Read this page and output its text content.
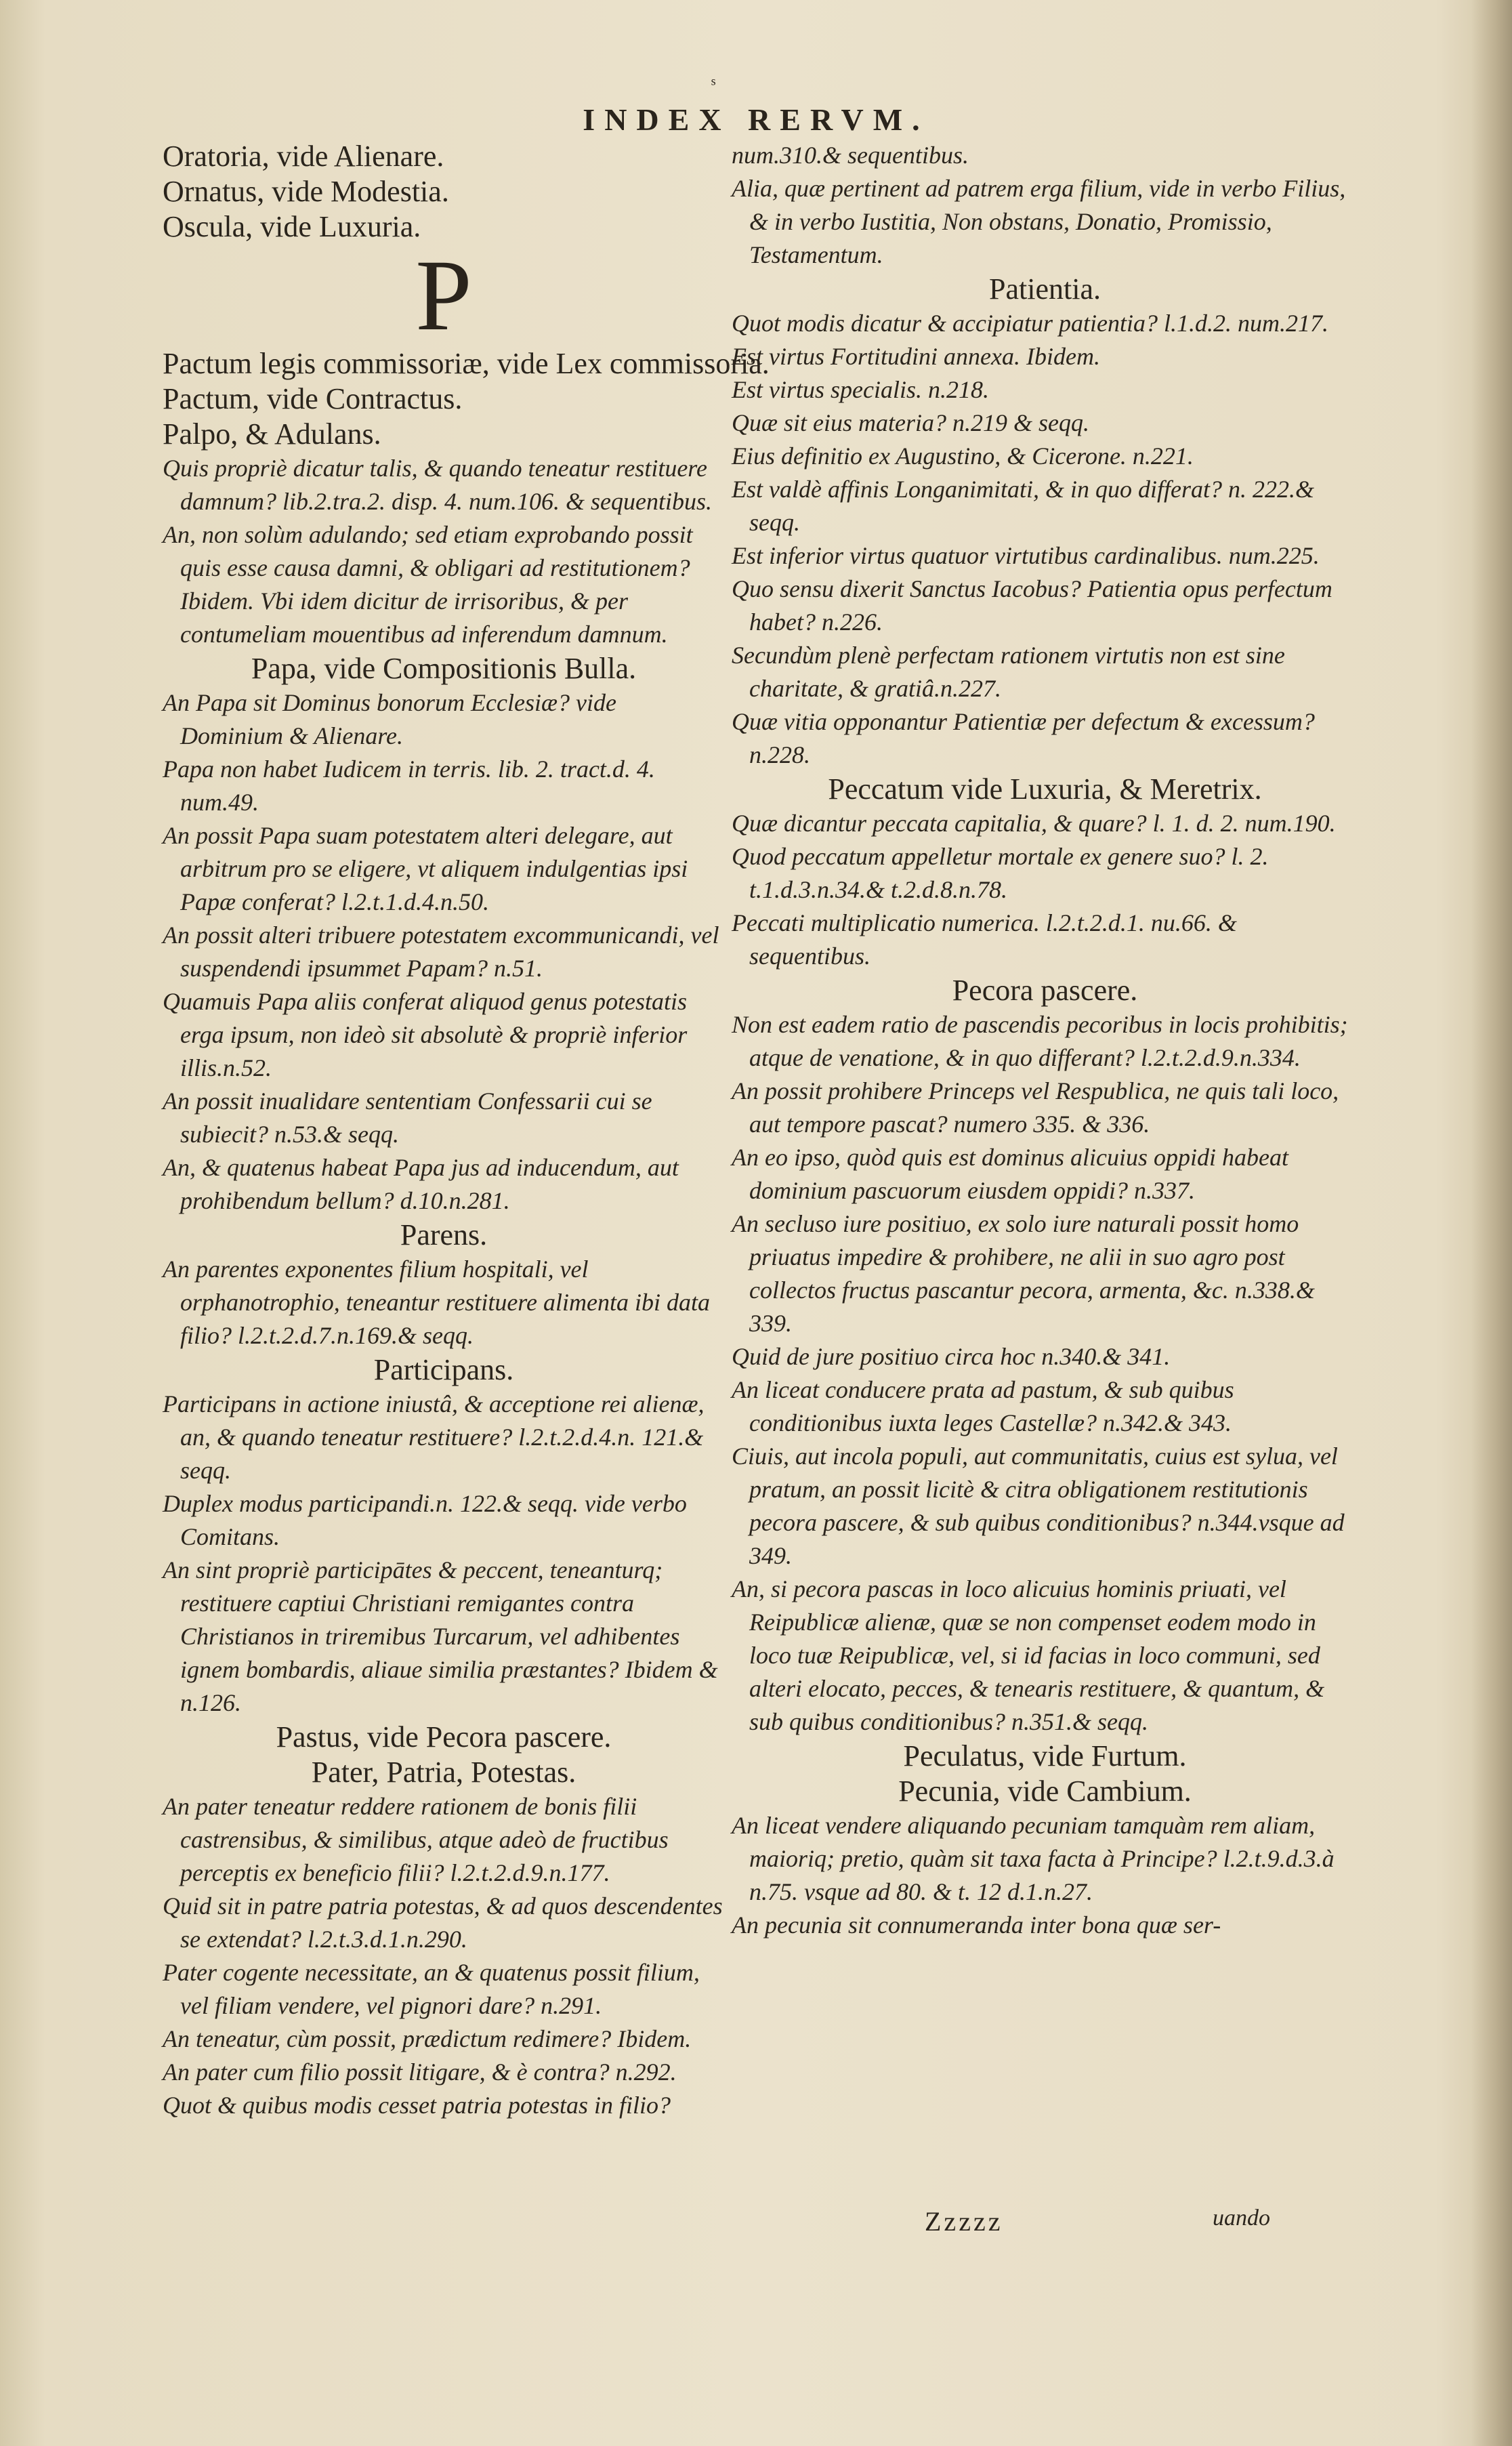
ˢ
INDEX RERVM.
Oratoria, vide Alienare.
Ornatus, vide Modestia.
Oscula, vide Luxuria.
P
Pactum legis commissoriæ, vide Lex commissoria.
Pactum, vide Contractus.
Palpo, & Adulans.
Quis propriè dicatur talis, & quando teneatur restituere damnum? lib.2.tra.2. disp. 4. num.106. & sequentibus.
An, non solùm adulando; sed etiam exprobando possit quis esse causa damni, & obligari ad restitutionem? Ibidem. Vbi idem dicitur de irrisoribus, & per contumeliam mouentibus ad inferendum damnum.
Papa, vide Compositionis Bulla.
An Papa sit Dominus bonorum Ecclesiæ? vide Dominium & Alienare.
Papa non habet Iudicem in terris. lib. 2. tract.d. 4. num.49.
An possit Papa suam potestatem alteri delegare, aut arbitrum pro se eligere, vt aliquem indulgentias ipsi Papæ conferat? l.2.t.1.d.4.n.50.
An possit alteri tribuere potestatem excommunicandi, vel suspendendi ipsummet Papam? n.51.
Quamuis Papa aliis conferat aliquod genus potestatis erga ipsum, non ideò sit absolutè & propriè inferior illis.n.52.
An possit inualidare sententiam Confessarii cui se subiecit? n.53.& seqq.
An, & quatenus habeat Papa jus ad inducendum, aut prohibendum bellum? d.10.n.281.
Parens.
An parentes exponentes filium hospitali, vel orphanotrophio, teneantur restituere alimenta ibi data filio? l.2.t.2.d.7.n.169.& seqq.
Participans.
Participans in actione iniustâ, & acceptione rei alienæ, an, & quando teneatur restituere? l.2.t.2.d.4.n. 121.& seqq.
Duplex modus participandi.n. 122.& seqq. vide verbo Comitans.
An sint propriè participātes & peccent, teneanturq; restituere captiui Christiani remigantes contra Christianos in triremibus Turcarum, vel adhibentes ignem bombardis, aliaue similia præstantes? Ibidem & n.126.
Pastus, vide Pecora pascere.
Pater, Patria, Potestas.
An pater teneatur reddere rationem de bonis filii castrensibus, & similibus, atque adeò de fructibus perceptis ex beneficio filii? l.2.t.2.d.9.n.177.
Quid sit in patre patria potestas, & ad quos descendentes se extendat? l.2.t.3.d.1.n.290.
Pater cogente necessitate, an & quatenus possit filium, vel filiam vendere, vel pignori dare? n.291.
An teneatur, cùm possit, prædictum redimere? Ibidem.
An pater cum filio possit litigare, & è contra? n.292.
Quot & quibus modis cesset patria potestas in filio?
num.310.& sequentibus.
Alia, quæ pertinent ad patrem erga filium, vide in verbo Filius, & in verbo Iustitia, Non obstans, Donatio, Promissio, Testamentum.
Patientia.
Quot modis dicatur & accipiatur patientia? l.1.d.2. num.217.
Est virtus Fortitudini annexa. Ibidem.
Est virtus specialis. n.218.
Quæ sit eius materia? n.219 & seqq.
Eius definitio ex Augustino, & Cicerone. n.221.
Est valdè affinis Longanimitati, & in quo differat? n. 222.& seqq.
Est inferior virtus quatuor virtutibus cardinalibus. num.225.
Quo sensu dixerit Sanctus Iacobus? Patientia opus perfectum habet? n.226.
Secundùm plenè perfectam rationem virtutis non est sine charitate, & gratiâ.n.227.
Quæ vitia opponantur Patientiæ per defectum & excessum? n.228.
Peccatum vide Luxuria, & Meretrix.
Quæ dicantur peccata capitalia, & quare? l. 1. d. 2. num.190.
Quod peccatum appelletur mortale ex genere suo? l. 2. t.1.d.3.n.34.& t.2.d.8.n.78.
Peccati multiplicatio numerica. l.2.t.2.d.1. nu.66. & sequentibus.
Pecora pascere.
Non est eadem ratio de pascendis pecoribus in locis prohibitis; atque de venatione, & in quo differant? l.2.t.2.d.9.n.334.
An possit prohibere Princeps vel Respublica, ne quis tali loco, aut tempore pascat? numero 335. & 336.
An eo ipso, quòd quis est dominus alicuius oppidi habeat dominium pascuorum eiusdem oppidi? n.337.
An secluso iure positiuo, ex solo iure naturali possit homo priuatus impedire & prohibere, ne alii in suo agro post collectos fructus pascantur pecora, armenta, &c. n.338.& 339.
Quid de jure positiuo circa hoc n.340.& 341.
An liceat conducere prata ad pastum, & sub quibus conditionibus iuxta leges Castellæ? n.342.& 343.
Ciuis, aut incola populi, aut communitatis, cuius est sylua, vel pratum, an possit licitè & citra obligationem restitutionis pecora pascere, & sub quibus conditionibus? n.344.vsque ad 349.
An, si pecora pascas in loco alicuius hominis priuati, vel Reipublicæ alienæ, quæ se non compenset eodem modo in loco tuæ Reipublicæ, vel, si id facias in loco communi, sed alteri elocato, pecces, & tenearis restituere, & quantum, & sub quibus conditionibus? n.351.& seqq.
Peculatus, vide Furtum.
Pecunia, vide Cambium.
An liceat vendere aliquando pecuniam tamquàm rem aliam, maioriq; pretio, quàm sit taxa facta à Principe? l.2.t.9.d.3.à n.75. vsque ad 80. & t. 12 d.1.n.27.
An pecunia sit connumeranda inter bona quæ ser-
Zzzzz	uando
